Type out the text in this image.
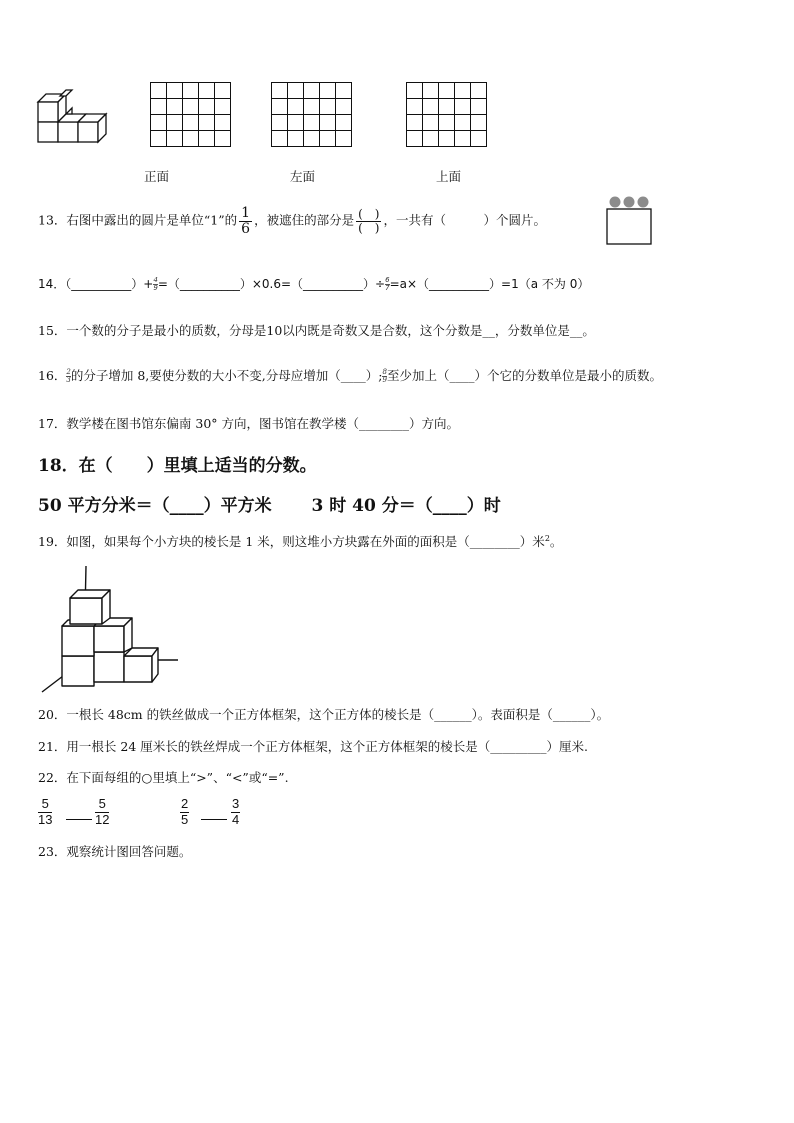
正面	左面	上面
13．右图中露出的圆片是单位“1”的 $\frac{1}{6}$ ，被遮住的部分是 $\frac{( )}{( )}$ ，一共有（　　　）个圆片。
14．（__________）+ $\frac{4}{9}$ =（__________）×0.6=（__________）÷ $\frac{6}{7}$ =a×（__________）=1（a 不为 0）
15．一个数的分子是最小的质数，分母是10以内既是奇数又是合数，这个分数是__，分数单位是__。
16． $\frac{2}{3}$ 的分子增加 8,要使分数的大小不变,分母应增加（____）; $\frac{8}{9}$ 至少加上（____）个它的分数单位是最小的质数。
17．教学楼在图书馆东偏南 30° 方向，图书馆在教学楼（________）方向。
18．在（　　）里填上适当的分数。
50 平方分米＝（____）平方米　　 3 时 40 分＝（____）时
19．如图，如果每个小方块的棱长是 1 米，则这堆小方块露在外面的面积是（________）米$^2$。
20．一根长 48cm 的铁丝做成一个正方体框架，这个正方体的棱长是（______）。表面积是（______）。
21．用一根长 24 厘米长的铁丝焊成一个正方体框架，这个正方体框架的棱长是（_________）厘米.
22．在下面每组的○里填上“>”、“<”或“=”.
5
13
5
12
2
5
3
4
23．观察统计图回答问题。
